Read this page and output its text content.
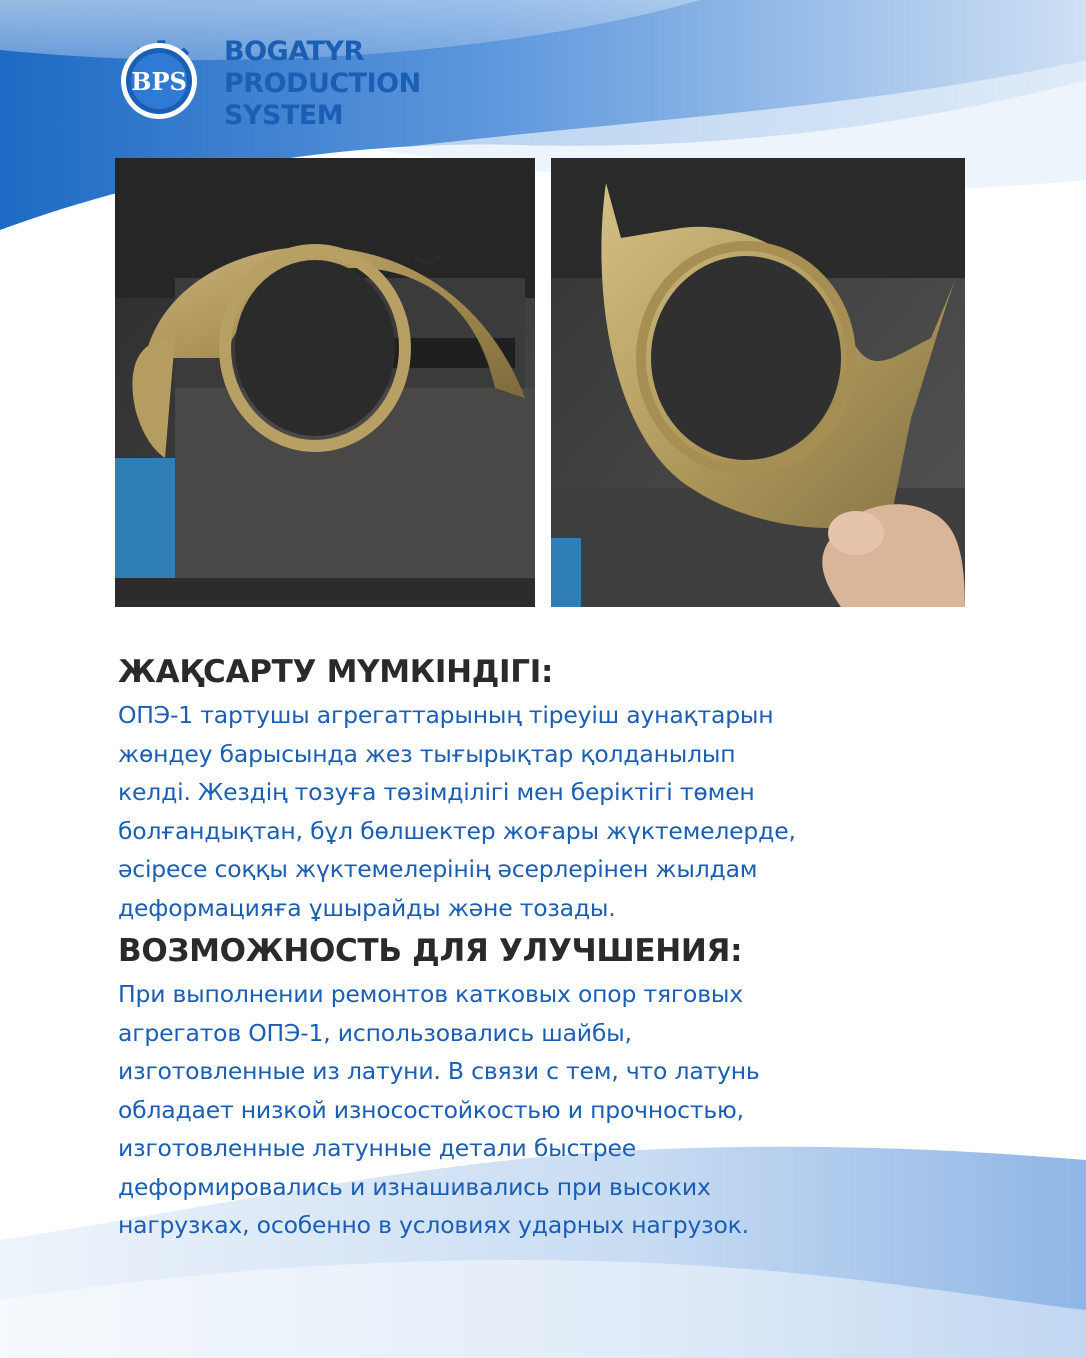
BPS
BOGATYR
PRODUCTION
SYSTEM
ЖАҚСАРТУ МҮМКІНДІГІ:

ОПЭ-1 тартушы агрегаттарының тіреуіш аунақтарын
жөндеу барысында жез тығырықтар қолданылып
келді. Жездің тозуға төзімділігі мен беріктігі төмен
болғандықтан, бұл бөлшектер жоғары жүктемелерде,
әсіресе соққы жүктемелерінің әсерлерінен жылдам
деформацияға ұшырайды және тозады.

ВОЗМОЖНОСТЬ ДЛЯ УЛУЧШЕНИЯ:

При выполнении ремонтов катковых опор тяговых
агрегатов ОПЭ-1, использовались шайбы,
изготовленные из латуни. В связи с тем, что латунь
обладает низкой износостойкостью и прочностью,
изготовленные латунные детали быстрее
деформировались и изнашивались при высоких
нагрузках, особенно в условиях ударных нагрузок.
